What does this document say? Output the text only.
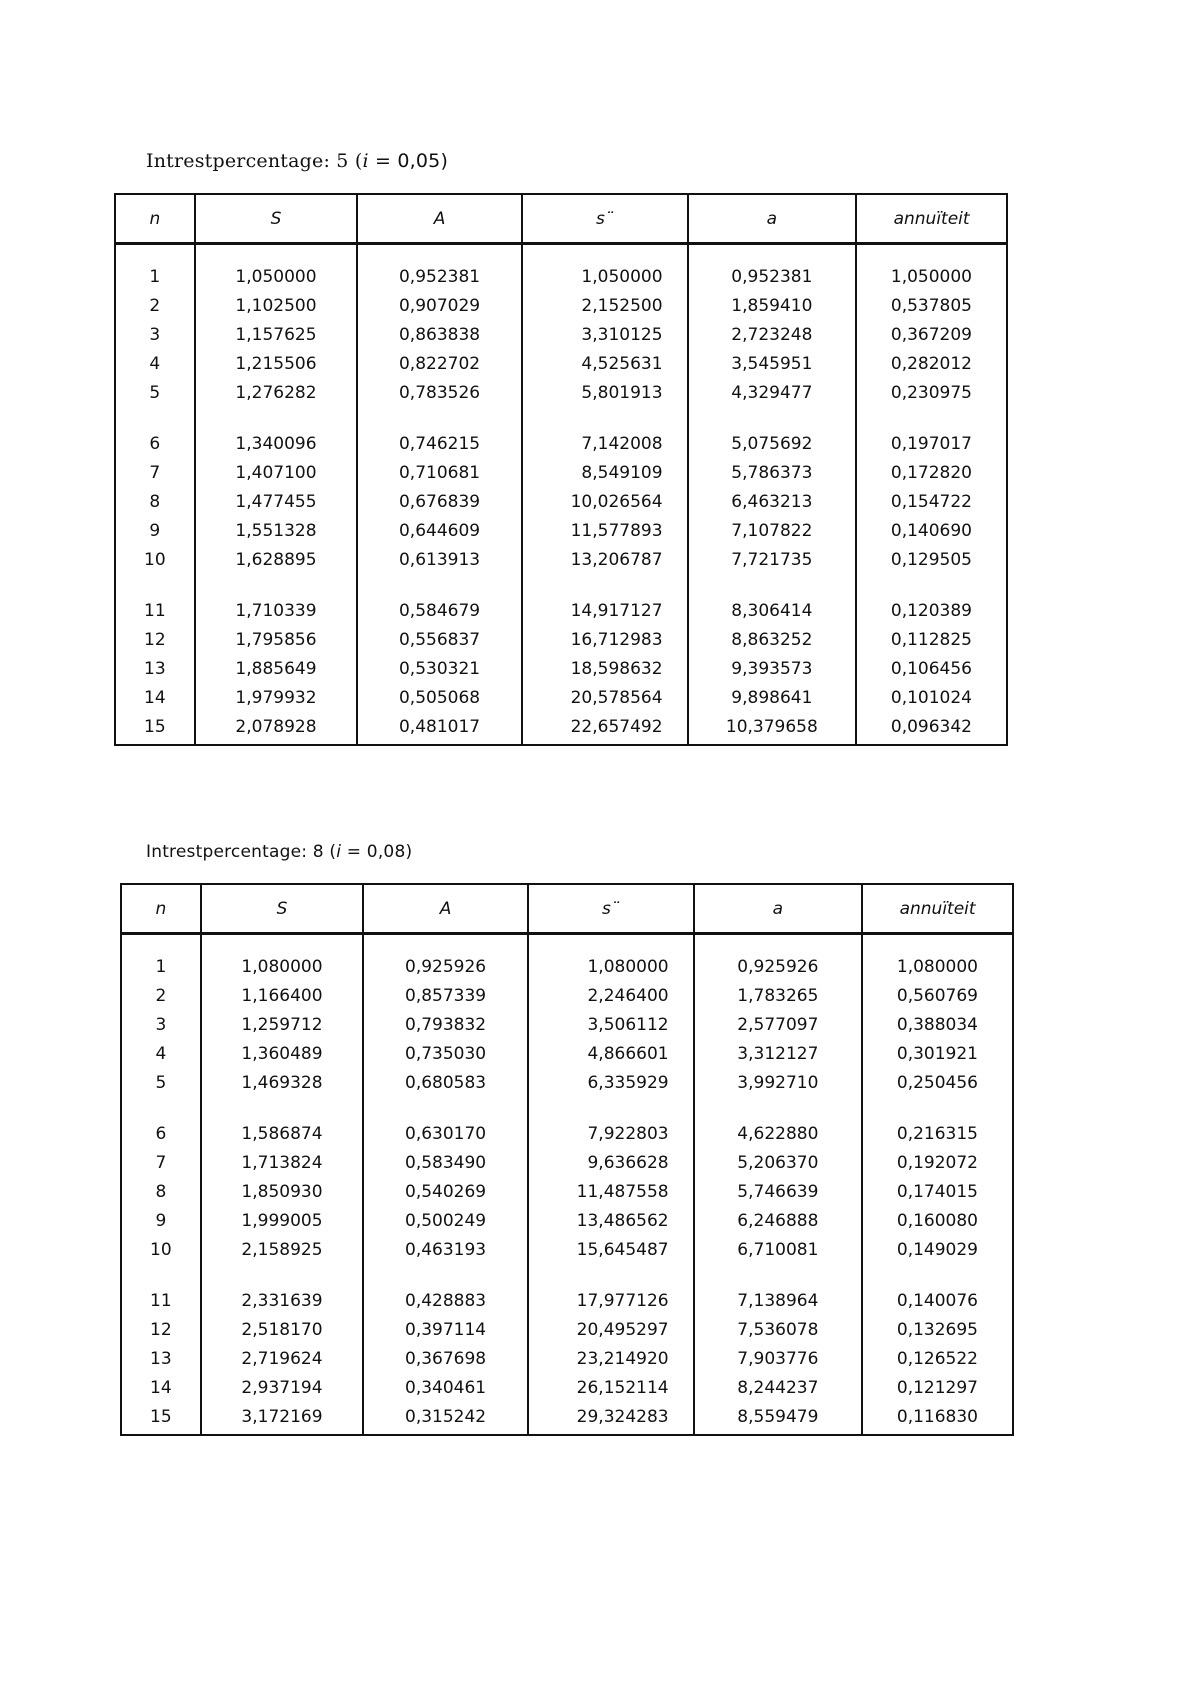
Intrestpercentage: 5 (i = 0,05)
n	S	A	s¨	a	annuïteit
1	1,050000	0,952381	1,050000	0,952381	1,050000
2	1,102500	0,907029	2,152500	1,859410	0,537805
3	1,157625	0,863838	3,310125	2,723248	0,367209
4	1,215506	0,822702	4,525631	3,545951	0,282012
5	1,276282	0,783526	5,801913	4,329477	0,230975
6	1,340096	0,746215	7,142008	5,075692	0,197017
7	1,407100	0,710681	8,549109	5,786373	0,172820
8	1,477455	0,676839	10,026564	6,463213	0,154722
9	1,551328	0,644609	11,577893	7,107822	0,140690
10	1,628895	0,613913	13,206787	7,721735	0,129505
11	1,710339	0,584679	14,917127	8,306414	0,120389
12	1,795856	0,556837	16,712983	8,863252	0,112825
13	1,885649	0,530321	18,598632	9,393573	0,106456
14	1,979932	0,505068	20,578564	9,898641	0,101024
15	2,078928	0,481017	22,657492	10,379658	0,096342
Intrestpercentage: 8 (i = 0,08)
n	S	A	s¨	a	annuïteit
1	1,080000	0,925926	1,080000	0,925926	1,080000
2	1,166400	0,857339	2,246400	1,783265	0,560769
3	1,259712	0,793832	3,506112	2,577097	0,388034
4	1,360489	0,735030	4,866601	3,312127	0,301921
5	1,469328	0,680583	6,335929	3,992710	0,250456
6	1,586874	0,630170	7,922803	4,622880	0,216315
7	1,713824	0,583490	9,636628	5,206370	0,192072
8	1,850930	0,540269	11,487558	5,746639	0,174015
9	1,999005	0,500249	13,486562	6,246888	0,160080
10	2,158925	0,463193	15,645487	6,710081	0,149029
11	2,331639	0,428883	17,977126	7,138964	0,140076
12	2,518170	0,397114	20,495297	7,536078	0,132695
13	2,719624	0,367698	23,214920	7,903776	0,126522
14	2,937194	0,340461	26,152114	8,244237	0,121297
15	3,172169	0,315242	29,324283	8,559479	0,116830
